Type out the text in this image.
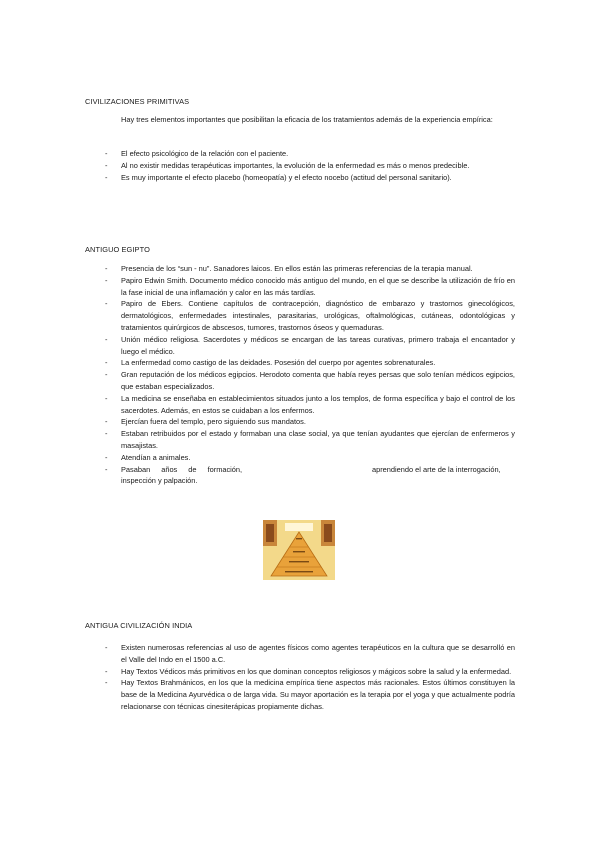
CIVILIZACIONES PRIMITIVAS

Hay tres elementos importantes que posibilitan la eficacia de los tratamientos además de la experiencia empírica:

- El efecto psicológico de la relación con el paciente.
- Al no existir medidas terapéuticas importantes, la evolución de la enfermedad es más o menos predecible.
- Es muy importante el efecto placebo (homeopatía) y el efecto nocebo (actitud del personal sanitario).
ANTIGUO EGIPTO
- Presencia de los “sun - nu”. Sanadores laicos. En ellos están las primeras referencias de la terapia manual.
- Papiro Edwin Smith. Documento médico conocido más antiguo del mundo, en el que se describe la utilización de frío en la fase inicial de una inflamación y calor en las más tardías.
- Papiro de Ebers. Contiene capítulos de contracepción, diagnóstico de embarazo y trastornos ginecológicos, dermatológicos, enfermedades intestinales, parasitarias, urológicas, oftalmológicas, cutáneas, odontológicas y tratamientos quirúrgicos de abscesos, tumores, trastornos óseos y quemaduras.
- Unión médico religiosa. Sacerdotes y médicos se encargan de las tareas curativas, primero trabaja el encantador y luego el médico.
- La enfermedad como castigo de las deidades. Posesión del cuerpo por agentes sobrenaturales.
- Gran reputación de los médicos egipcios. Herodoto comenta que había reyes persas que solo tenían médicos egipcios, que estaban especializados.
- La medicina se enseñaba en establecimientos situados junto a los templos, de forma específica y bajo el control de los sacerdotes. Además, en estos se cuidaban a los enfermos.
- Ejercían fuera del templo, pero siguiendo sus mandatos.
- Estaban retribuidos por el estado y formaban una clase social, ya que tenían ayudantes que ejercían de enfermeros y masajistas.
- Atendían a animales.
- Pasaban años de formación,	aprendiendo el arte de la interrogación, inspección y palpación.
ANTIGUA CIVILIZACIÓN INDIA
- Existen numerosas referencias al uso de agentes físicos como agentes terapéuticos en la cultura que se desarrolló en el Valle del Indo en el 1500 a.C.
- Hay Textos Védicos más primitivos en los que dominan conceptos religiosos y mágicos sobre la salud y la enfermedad.
- Hay Textos Brahmánicos, en los que la medicina empírica tiene aspectos más racionales. Estos últimos constituyen la base de la Medicina Ayurvédica o de larga vida. Su mayor aportación es la terapia por el yoga y que actualmente podría relacionarse con técnicas cinesiterápicas propiamente dichas.
